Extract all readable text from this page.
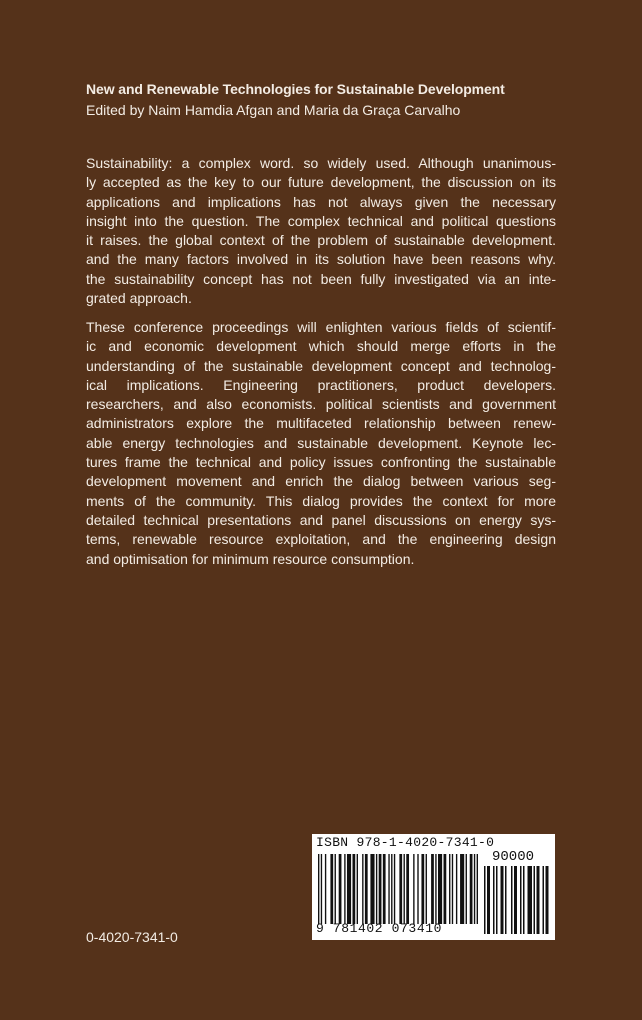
New and Renewable Technologies for Sustainable Development
Edited by Naim Hamdia Afgan and Maria da Graça Carvalho
Sustainability: a complex word. so widely used. Although unanimous-
ly accepted as the key to our future development, the discussion on its
applications and implications has not always given the necessary
insight into the question. The complex technical and political questions
it raises. the global context of the problem of sustainable development.
and the many factors involved in its solution have been reasons why.
the sustainability concept has not been fully investigated via an inte-
grated approach.
These conference proceedings will enlighten various fields of scientif-
ic and economic development which should merge efforts in the
understanding of the sustainable development concept and technolog-
ical implications. Engineering practitioners, product developers.
researchers, and also economists. political scientists and government
administrators explore the multifaceted relationship between renew-
able energy technologies and sustainable development. Keynote lec-
tures frame the technical and policy issues confronting the sustainable
development movement and enrich the dialog between various seg-
ments of the community. This dialog provides the context for more
detailed technical presentations and panel discussions on energy sys-
tems, renewable resource exploitation, and the engineering design
and optimisation for minimum resource consumption.
ISBN 978-1-4020-7341-0
90000
9 781402 073410
0-4020-7341-0
